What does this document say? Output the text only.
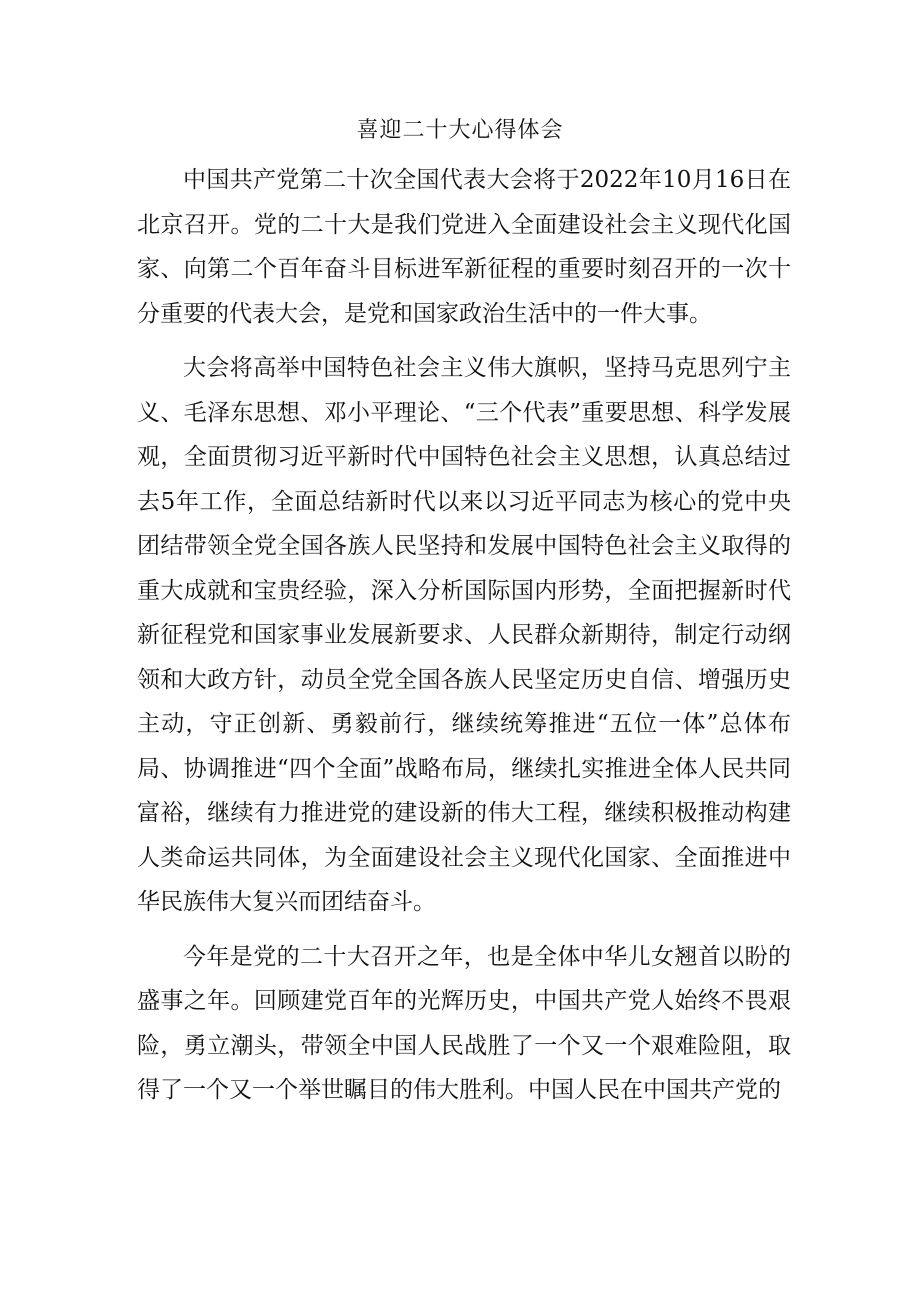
喜迎二十大心得体会

中国共产党第二十次全国代表大会将于2022年10月16日在北京召开。党的二十大是我们党进入全面建设社会主义现代化国家、向第二个百年奋斗目标进军新征程的重要时刻召开的一次十分重要的代表大会，是党和国家政治生活中的一件大事。

大会将高举中国特色社会主义伟大旗帜，坚持马克思列宁主义、毛泽东思想、邓小平理论、“三个代表”重要思想、科学发展观，全面贯彻习近平新时代中国特色社会主义思想，认真总结过去5年工作，全面总结新时代以来以习近平同志为核心的党中央团结带领全党全国各族人民坚持和发展中国特色社会主义取得的重大成就和宝贵经验，深入分析国际国内形势，全面把握新时代新征程党和国家事业发展新要求、人民群众新期待，制定行动纲领和大政方针，动员全党全国各族人民坚定历史自信、增强历史主动，守正创新、勇毅前行，继续统筹推进“五位一体”总体布局、协调推进“四个全面”战略布局，继续扎实推进全体人民共同富裕，继续有力推进党的建设新的伟大工程，继续积极推动构建人类命运共同体，为全面建设社会主义现代化国家、全面推进中华民族伟大复兴而团结奋斗。

今年是党的二十大召开之年，也是全体中华儿女翘首以盼的盛事之年。回顾建党百年的光辉历史，中国共产党人始终不畏艰险，勇立潮头，带领全中国人民战胜了一个又一个艰难险阻，取得了一个又一个举世瞩目的伟大胜利。中国人民在中国共产党的
